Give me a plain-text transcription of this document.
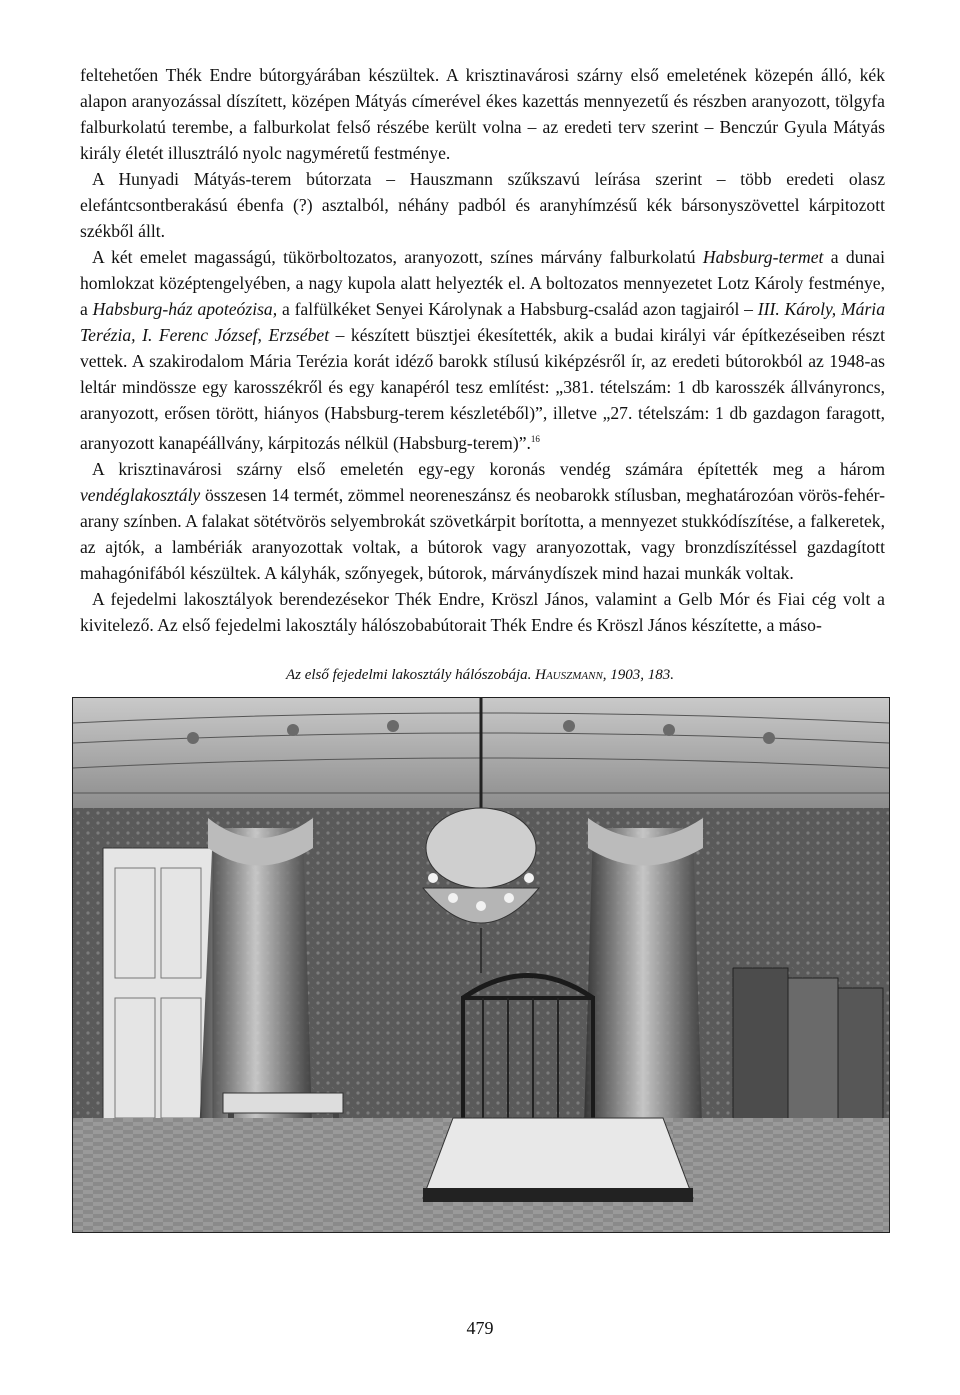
feltehetően Thék Endre bútorgyárában készültek. A krisztinavárosi szárny első emeletének közepén álló, kék alapon aranyozással díszített, középen Mátyás címerével ékes kazettás mennyezetű és részben aranyozott, tölgyfa falburkolatú terembe, a falburkolat felső részébe került volna – az eredeti terv szerint – Benczúr Gyula Mátyás király életét illusztráló nyolc nagyméretű festménye.

A Hunyadi Mátyás-terem bútorzata – Hauszmann szűkszavú leírása szerint – több eredeti olasz elefántcsontberakású ébenfa (?) asztalból, néhány padból és aranyhímzésű kék bársonyszövettel kárpitozott székből állt.

A két emelet magasságú, tükörboltozatos, aranyozott, színes márvány falburkolatú Habsburg-termet a dunai homlokzat középtengelyében, a nagy kupola alatt helyezték el. A boltozatos mennyezetet Lotz Károly festménye, a Habsburg-ház apoteózisa, a falfülkéket Senyei Károlynak a Habsburg-család azon tagjairól – III. Károly, Mária Terézia, I. Ferenc József, Erzsébet – készített büsztjei ékesítették, akik a budai királyi vár építkezéseiben részt vettek. A szakirodalom Mária Terézia korát idéző barokk stílusú kiképzésről ír, az eredeti bútorokból az 1948-as leltár mindössze egy karosszékről és egy kanapéról tesz említést: „381. tételszám: 1 db karosszék állványroncs, aranyozott, erősen törött, hiányos (Habsburg-terem készletéből)”, illetve „27. tételszám: 1 db gazdagon faragott, aranyozott kanapéállvány, kárpitozás nélkül (Habsburg-terem)”.$^{16}$

A krisztinavárosi szárny első emeletén egy-egy koronás vendég számára építették meg a három vendéglakosztály összesen 14 termét, zömmel neoreneszánsz és neobarokk stílusban, meghatározóan vörös-fehér-arany színben. A falakat sötétvörös selyembrokát szövetkárpit borította, a mennyezet stukkódíszítése, a falkeretek, az ajtók, a lambériák aranyozottak voltak, a bútorok vagy aranyozottak, vagy bronzdíszítéssel gazdagított mahagónifából készültek. A kályhák, szőnyegek, bútorok, márványdíszek mind hazai munkák voltak.

A fejedelmi lakosztályok berendezésekor Thék Endre, Kröszl János, valamint a Gelb Mór és Fiai cég volt a kivitelező. Az első fejedelmi lakosztály hálószobabútorait Thék Endre és Kröszl János készítette, a máso-

Az első fejedelmi lakosztály hálószobája. Hauszmann, 1903, 183.
479
